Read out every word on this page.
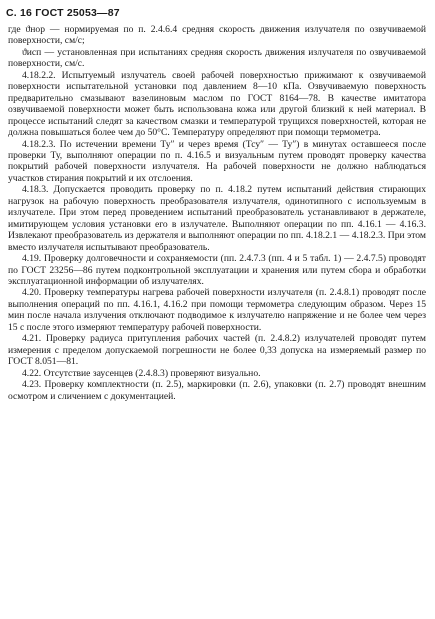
С. 16 ГОСТ 25053—87

где ϑнор — нормируемая по п. 2.4.6.4 средняя скорость движения излучателя по озвучиваемой поверхности, см/с;

ϑисп — установленная при испытаниях средняя скорость движения излучателя по озвучиваемой поверхности, см/с.

4.18.2.2. Испытуемый излучатель своей рабочей поверхностью прижимают к озвучиваемой поверхности испытательной установки под давлением 8—10 кПа. Озвучиваемую поверхность предварительно смазывают вазелиновым маслом по ГОСТ 8164—78. В качестве имитатора озвучиваемой поверхности может быть использована кожа или другой близкий к ней материал. В процессе испытаний следят за качеством смазки и температурой трущихся поверхностей, которая не должна повышаться более чем до 50°С. Температуру определяют при помощи термометра.

4.18.2.3. По истечении времени Ту″ и через время (Тсу″ — Ту″) в минутах оставшееся после проверки Ту, выполняют операции по п. 4.16.5 и визуальным путем проводят проверку качества покрытий рабочей поверхности излучателя. На рабочей поверхности не должно наблюдаться участков стирания покрытий и их отслоения.

4.18.3. Допускается проводить проверку по п. 4.18.2 путем испытаний действия стирающих нагрузок на рабочую поверхность преобразователя излучателя, одинотипного с используемым в излучателе. При этом перед проведением испытаний преобразователь устанавливают в держателе, имитирующем условия установки его в излучателе. Выполняют операции по пп. 4.16.1 — 4.16.3. Извлекают преобразователь из держателя и выполняют операции по пп. 4.18.2.1 — 4.18.2.3. При этом вместо излучателя испытывают преобразователь.

4.19. Проверку долговечности и сохраняемости (пп. 2.4.7.3 (пп. 4 и 5 табл. 1) — 2.4.7.5) проводят по ГОСТ 23256—86 путем подконтрольной эксплуатации и хранения или путем сбора и обработки эксплуатационной информации об излучателях.

4.20. Проверку температуры нагрева рабочей поверхности излучателя (п. 2.4.8.1) проводят после выполнения операций по пп. 4.16.1, 4.16.2 при помощи термометра следующим образом. Через 15 мин после начала излучения отключают подводимое к излучателю напряжение и не более чем через 15 с после этого измеряют температуру рабочей поверхности.

4.21. Проверку радиуса притупления рабочих частей (п. 2.4.8.2) излучателей проводят путем измерения с пределом допускаемой погрешности не более 0,33 допуска на измеряемый размер по ГОСТ 8.051—81.

4.22. Отсутствие заусенцев (2.4.8.3) проверяют визуально.

4.23. Проверку комплектности (п. 2.5), маркировки (п. 2.6), упаковки (п. 2.7) проводят внешним осмотром и сличением с документацией.
